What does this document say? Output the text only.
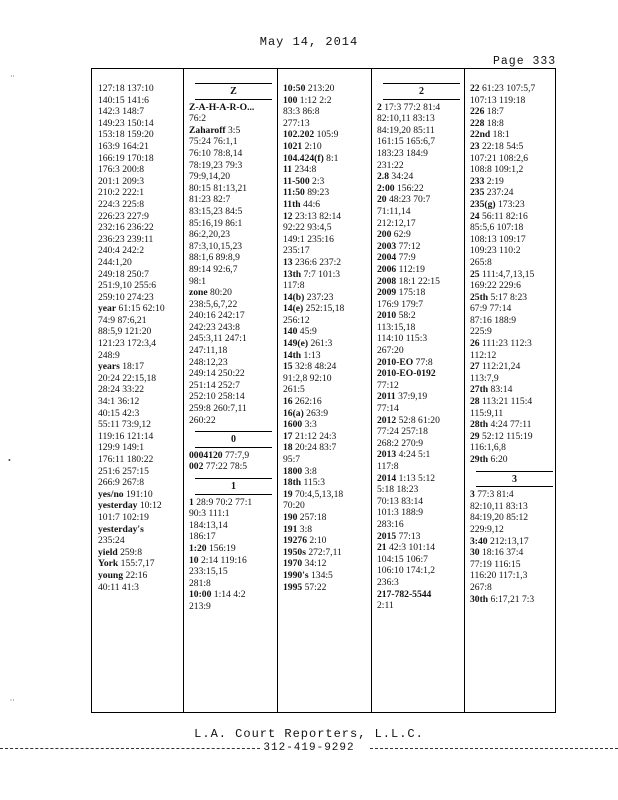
May 14, 2014
Page 333
··
•
··
127:18 137:10
140:15 141:6
142:3 148:7
149:23 150:14
153:18 159:20
163:9 164:21
166:19 170:18
176:3 200:8
201:1 209:3
210:2 222:1
224:3 225:8
226:23 227:9
232:16 236:22
236:23 239:11
240:4 242:2
244:1,20
249:18 250:7
251:9,10 255:6
259:10 274:23
year 61:15 62:10
74:9 87:6,21
88:5,9 121:20
121:23 172:3,4
248:9
years 18:17
20:24 22:15,18
28:24 33:22
34:1 36:12
40:15 42:3
55:11 73:9,12
119:16 121:14
129:9 149:1
176:11 180:22
251:6 257:15
266:9 267:8
yes/no 191:10
yesterday 10:12
101:7 102:19
yesterday's
235:24
yield 259:8
York 155:7,17
young 22:16
40:11 41:3
Z
Z-A-H-A-R-O...
76:2
Zaharoff 3:5
75:24 76:1,1
76:10 78:8,14
78:19,23 79:3
79:9,14,20
80:15 81:13,21
81:23 82:7
83:15,23 84:5
85:16,19 86:1
86:2,20,23
87:3,10,15,23
88:1,6 89:8,9
89:14 92:6,7
98:1
zone 80:20
238:5,6,7,22
240:16 242:17
242:23 243:8
245:3,11 247:1
247:11,18
248:12,23
249:14 250:22
251:14 252:7
252:10 258:14
259:8 260:7,11
260:22
0
0004120 77:7,9
002 77:22 78:5
1
1 28:9 70:2 77:1
90:3 111:1
184:13,14
186:17
1:20 156:19
10 2:14 119:16
233:15,15
281:8
10:00 1:14 4:2
213:9
10:50 213:20
100 1:12 2:2
83:3 86:8
277:13
102.202 105:9
1021 2:10
104.424(f) 8:1
11 234:8
11-500 2:3
11:50 89:23
11th 44:6
12 23:13 82:14
92:22 93:4,5
149:1 235:16
235:17
13 236:6 237:2
13th 7:7 101:3
117:8
14(b) 237:23
14(e) 252:15,18
256:12
140 45:9
149(e) 261:3
14th 1:13
15 32:8 48:24
91:2,8 92:10
261:5
16 262:16
16(a) 263:9
1600 3:3
17 21:12 24:3
18 20:24 83:7
95:7
1800 3:8
18th 115:3
19 70:4,5,13,18
70:20
190 257:18
191 3:8
19276 2:10
1950s 272:7,11
1970 34:12
1990's 134:5
1995 57:22
2
2 17:3 77:2 81:4
82:10,11 83:13
84:19,20 85:11
161:15 165:6,7
183:23 184:9
231:22
2.8 34:24
2:00 156:22
20 48:23 70:7
71:11,14
212:12,17
200 62:9
2003 77:12
2004 77:9
2006 112:19
2008 18:1 22:15
2009 175:18
176:9 179:7
2010 58:2
113:15,18
114:10 115:3
267:20
2010-EO 77:8
2010-EO-0192
77:12
2011 37:9,19
77:14
2012 52:8 61:20
77:24 257:18
268:2 270:9
2013 4:24 5:1
117:8
2014 1:13 5:12
5:18 18:23
70:13 83:14
101:3 188:9
283:16
2015 77:13
21 42:3 101:14
104:15 106:7
106:10 174:1,2
236:3
217-782-5544
2:11
22 61:23 107:5,7
107:13 119:18
226 18:7
228 18:8
22nd 18:1
23 22:18 54:5
107:21 108:2,6
108:8 109:1,2
233 2:19
235 237:24
235(g) 173:23
24 56:11 82:16
85:5,6 107:18
108:13 109:17
109:23 110:2
265:8
25 111:4,7,13,15
169:22 229:6
25th 5:17 8:23
67:9 77:14
87:16 188:9
225:9
26 111:23 112:3
112:12
27 112:21,24
113:7,9
27th 83:14
28 113:21 115:4
115:9,11
28th 4:24 77:11
29 52:12 115:19
116:1,6,8
29th 6:20
3
3 77:3 81:4
82:10,11 83:13
84:19,20 85:12
229:9,12
3:40 212:13,17
30 18:16 37:4
77:19 116:15
116:20 117:1,3
267:8
30th 6:17,21 7:3
L.A. Court Reporters, L.L.C.
312-419-9292
